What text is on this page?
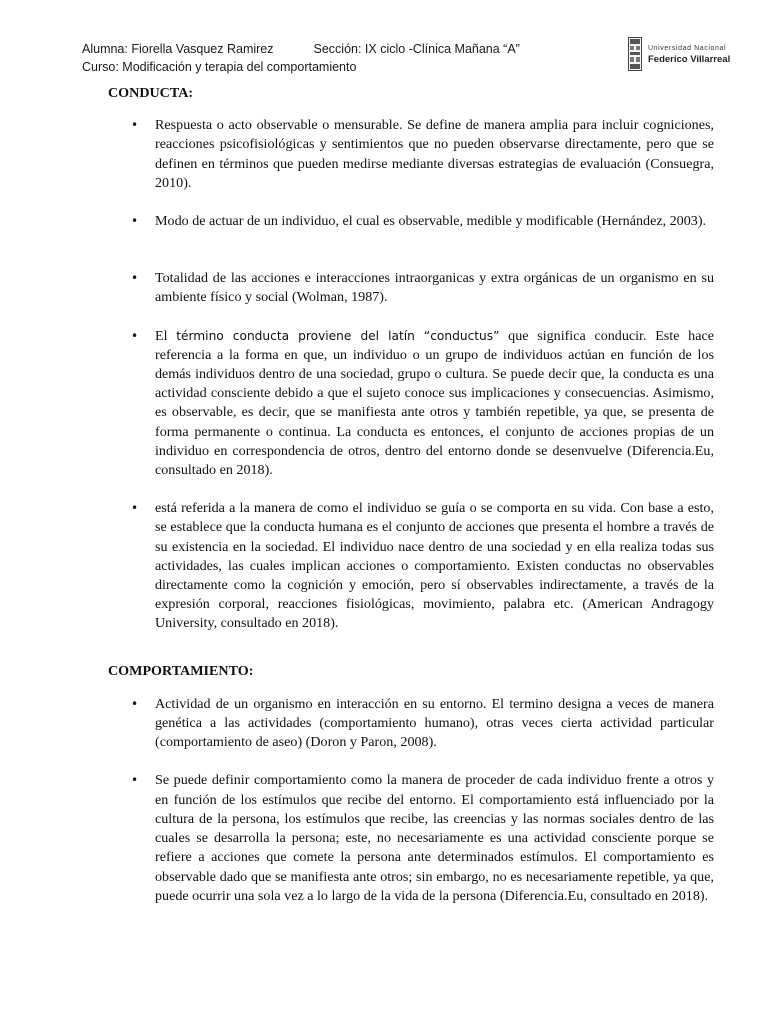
Alumna: Fiorella Vasquez Ramirez	Sección: IX ciclo -Clínica Mañana “A”
Curso: Modificación y terapia del comportamiento
Universidad Nacional
Federico Villarreal

CONDUCTA:

• Respuesta o acto observable o mensurable. Se define de manera amplia para incluir cogniciones, reacciones psicofisiológicas y sentimientos que no pueden observarse directamente, pero que se definen en términos que pueden medirse mediante diversas estrategias de evaluación (Consuegra, 2010).
• Modo de actuar de un individuo, el cual es observable, medible y modificable (Hernández, 2003).
• Totalidad de las acciones e interacciones intraorganicas y extra orgánicas de un organismo en su ambiente físico y social (Wolman, 1987).
• El término conducta proviene del latín “conductus” que significa conducir. Este hace referencia a la forma en que, un individuo o un grupo de individuos actúan en función de los demás individuos dentro de una sociedad, grupo o cultura. Se puede decir que, la conducta es una actividad consciente debido a que el sujeto conoce sus implicaciones y consecuencias. Asimismo, es observable, es decir, que se manifiesta ante otros y también repetible, ya que, se presenta de forma permanente o continua. La conducta es entonces, el conjunto de acciones propias de un individuo en correspondencia de otros, dentro del entorno donde se desenvuelve (Diferencia.Eu, consultado en 2018).
• está referida a la manera de como el individuo se guía o se comporta en su vida. Con base a esto, se establece que la conducta humana es el conjunto de acciones que presenta el hombre a través de su existencia en la sociedad. El individuo nace dentro de una sociedad y en ella realiza todas sus actividades, las cuales implican acciones o comportamiento. Existen conductas no observables directamente como la cognición y emoción, pero sí observables indirectamente, a través de la expresión corporal, reacciones fisiológicas, movimiento, palabra etc. (American Andragogy University, consultado en 2018).

COMPORTAMIENTO:

• Actividad de un organismo en interacción en su entorno. El termino designa a veces de manera genética a las actividades (comportamiento humano), otras veces cierta actividad particular (comportamiento de aseo) (Doron y Paron, 2008).
• Se puede definir comportamiento como la manera de proceder de cada individuo frente a otros y en función de los estímulos que recibe del entorno. El comportamiento está influenciado por la cultura de la persona, los estímulos que recibe, las creencias y las normas sociales dentro de las cuales se desarrolla la persona; este, no necesariamente es una actividad consciente porque se refiere a acciones que comete la persona ante determinados estímulos. El comportamiento es observable dado que se manifiesta ante otros; sin embargo, no es necesariamente repetible, ya que, puede ocurrir una sola vez a lo largo de la vida de la persona (Diferencia.Eu, consultado en 2018).
